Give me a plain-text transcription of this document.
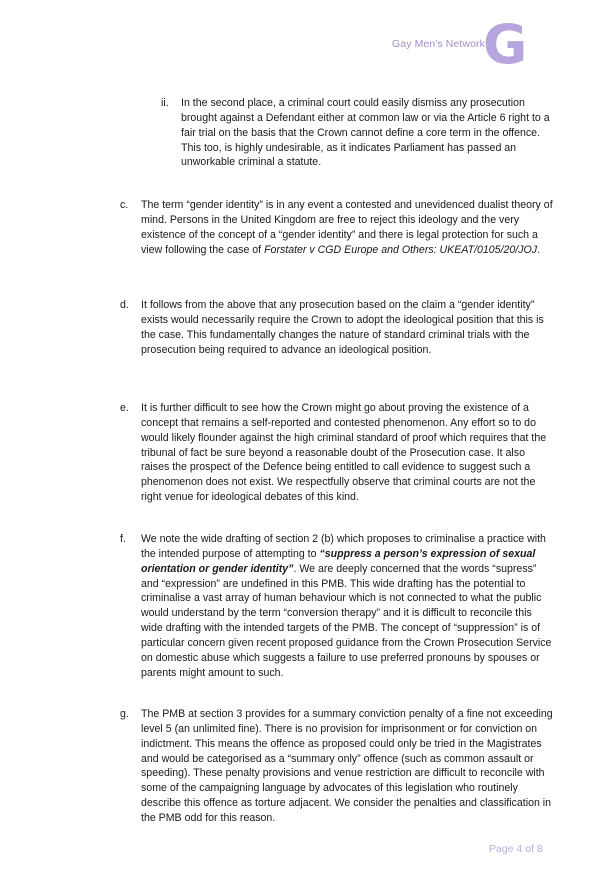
Gay Men's Network
G
ii. In the second place, a criminal court could easily dismiss any prosecution brought against a Defendant either at common law or via the Article 6 right to a fair trial on the basis that the Crown cannot define a core term in the offence. This too, is highly undesirable, as it indicates Parliament has passed an unworkable criminal a statute.
c. The term “gender identity” is in any event a contested and unevidenced dualist theory of mind. Persons in the United Kingdom are free to reject this ideology and the very existence of the concept of a “gender identity” and there is legal protection for such a view following the case of Forstater v CGD Europe and Others: UKEAT/0105/20/JOJ.
d. It follows from the above that any prosecution based on the claim a “gender identity” exists would necessarily require the Crown to adopt the ideological position that this is the case. This fundamentally changes the nature of standard criminal trials with the prosecution being required to advance an ideological position.
e. It is further difficult to see how the Crown might go about proving the existence of a concept that remains a self-reported and contested phenomenon. Any effort so to do would likely flounder against the high criminal standard of proof which requires that the tribunal of fact be sure beyond a reasonable doubt of the Prosecution case. It also raises the prospect of the Defence being entitled to call evidence to suggest such a phenomenon does not exist. We respectfully observe that criminal courts are not the right venue for ideological debates of this kind.
f. We note the wide drafting of section 2 (b) which proposes to criminalise a practice with the intended purpose of attempting to “suppress a person’s expression of sexual orientation or gender identity”. We are deeply concerned that the words “supress” and “expression” are undefined in this PMB. This wide drafting has the potential to criminalise a vast array of human behaviour which is not connected to what the public would understand by the term “conversion therapy” and it is difficult to reconcile this wide drafting with the intended targets of the PMB. The concept of “suppression” is of particular concern given recent proposed guidance from the Crown Prosecution Service on domestic abuse which suggests a failure to use preferred pronouns by spouses or parents might amount to such.
g. The PMB at section 3 provides for a summary conviction penalty of a fine not exceeding level 5 (an unlimited fine). There is no provision for imprisonment or for conviction on indictment. This means the offence as proposed could only be tried in the Magistrates and would be categorised as a “summary only” offence (such as common assault or speeding). These penalty provisions and venue restriction are difficult to reconcile with some of the campaigning language by advocates of this legislation who routinely describe this offence as torture adjacent. We consider the penalties and classification in the PMB odd for this reason.
Page 4 of 8
